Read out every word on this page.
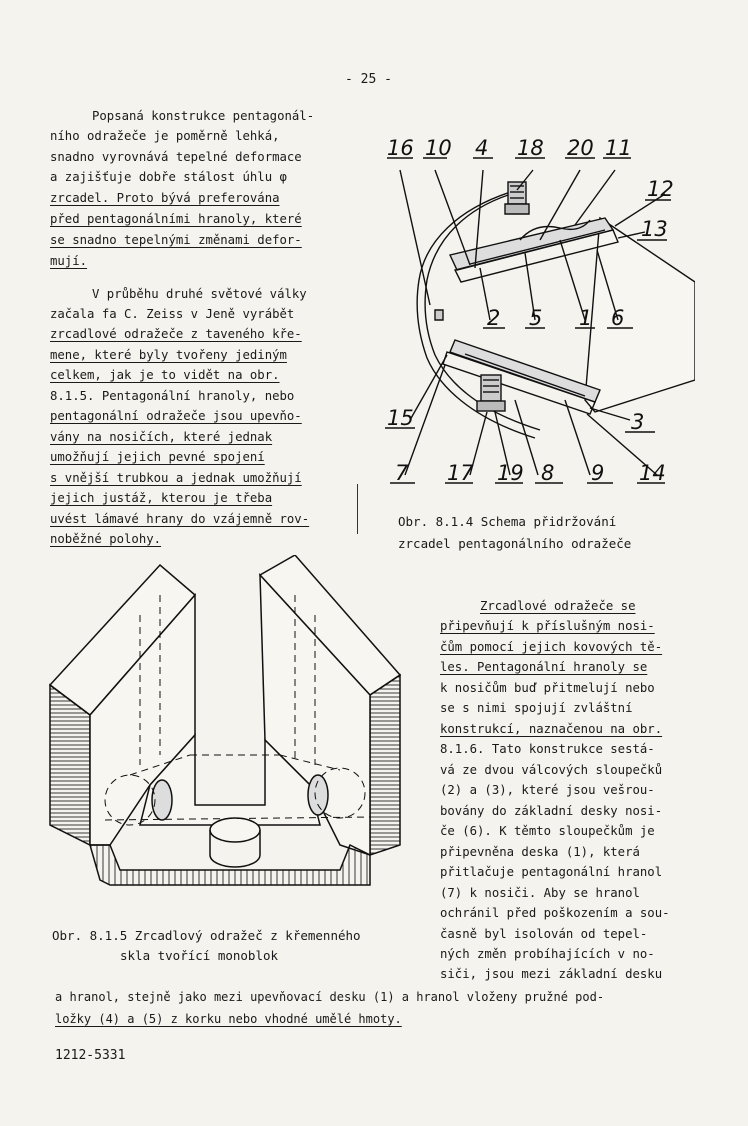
- 25 -
Popsaná konstrukce pentagonál-
ního odražeče je poměrně lehká,
snadno vyrovnává tepelné deformace
a zajišťuje dobře stálost úhlu φ
zrcadel. Proto bývá preferována
před pentagonálními hranoly, které
se snadno tepelnými změnami defor-
mují.
V průběhu druhé světové války
začala fa C. Zeiss v Jeně vyrábět
zrcadlové odražeče z taveného kře-
mene, které byly tvořeny jediným
celkem, jak je to vidět na obr.
8.1.5. Pentagonální hranoly, nebo
pentagonální odražeče jsou upevňo-
vány na nosičích, které jednak
umožňují jejich pevné spojení
s vnější trubkou a jednak umožňují
jejich justáž, kterou je třeba
uvést lámavé hrany do vzájemně rov-
noběžné polohy.
16 10 4 18 20 11
12
13
2 5 1 6
15	3
7 17 19 8 9 14
Obr. 8.1.4 Schema přidržování
zrcadel pentagonálního odražeče
Obr. 8.1.5 Zrcadlový odražeč z křemenného
skla tvořící monoblok
Zrcadlové odražeče se
připevňují k příslušným nosi-
čům pomocí jejich kovových tě-
les. Pentagonální hranoly se
k nosičům buď přitmelují nebo
se s nimi spojují zvláštní
konstrukcí, naznačenou na obr.
8.1.6. Tato konstrukce sestá-
vá ze dvou válcových sloupečků
(2) a (3), které jsou vešrou-
bovány do základní desky nosi-
če (6). K těmto sloupečkům je
připevněna deska (1), která
přitlačuje pentagonální hranol
(7) k nosiči. Aby se hranol
ochránil před poškozením a sou-
časně byl isolován od tepel-
ných změn probíhajících v no-
siči, jsou mezi základní desku
a hranol, stejně jako mezi upevňovací desku (1) a hranol vloženy pružné pod-
ložky (4) a (5) z korku nebo vhodné umělé hmoty.
1212-5331
